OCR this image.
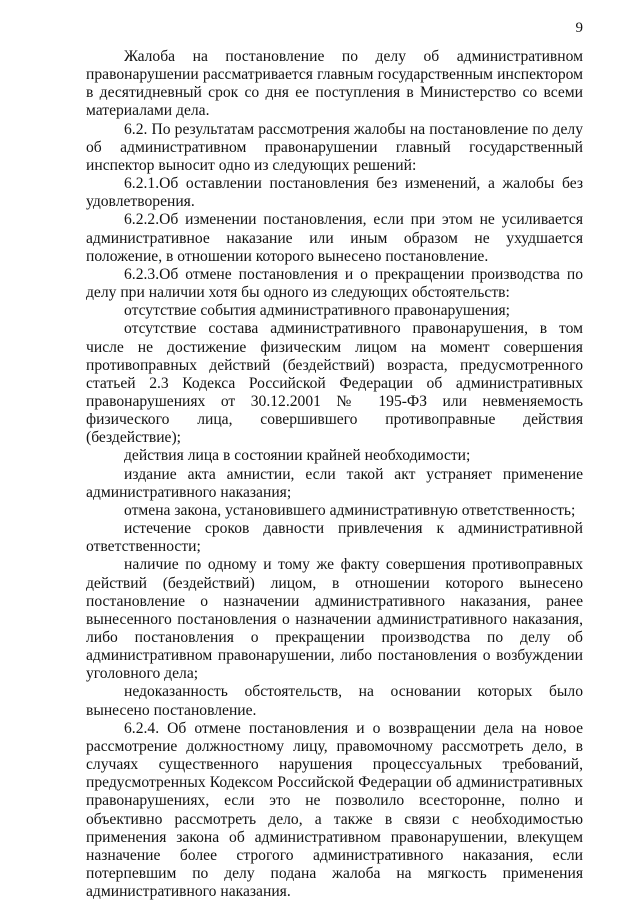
9

Жалоба на постановление по делу об административном правонарушении рассматривается главным государственным инспектором в десятидневный срок со дня ее поступления в Министерство со всеми материалами дела.

6.2. По результатам рассмотрения жалобы на постановление по делу об административном правонарушении главный государственный инспектор выносит одно из следующих решений:

6.2.1.Об оставлении постановления без изменений, а жалобы без удовлетворения.

6.2.2.Об изменении постановления, если при этом не усиливается административное наказание или иным образом не ухудшается положение, в отношении которого вынесено постановление.

6.2.3.Об отмене постановления и о прекращении производства по делу при наличии хотя бы одного из следующих обстоятельств:

отсутствие события административного правонарушения;

отсутствие состава административного правонарушения, в том числе не достижение физическим лицом на момент совершения противоправных действий (бездействий) возраста, предусмотренного статьей 2.3 Кодекса Российской Федерации об административных правонарушениях от 30.12.2001 № 195-ФЗ или невменяемость физического лица, совершившего противоправные действия (бездействие);

действия лица в состоянии крайней необходимости;

издание акта амнистии, если такой акт устраняет применение административного наказания;

отмена закона, установившего административную ответственность;

истечение сроков давности привлечения к административной ответственности;

наличие по одному и тому же факту совершения противоправных действий (бездействий) лицом, в отношении которого вынесено постановление о назначении административного наказания, ранее вынесенного постановления о назначении административного наказания, либо постановления о прекращении производства по делу об административном правонарушении, либо постановления о возбуждении уголовного дела;

недоказанность обстоятельств, на основании которых было вынесено постановление.

6.2.4. Об отмене постановления и о возвращении дела на новое рассмотрение должностному лицу, правомочному рассмотреть дело, в случаях существенного нарушения процессуальных требований, предусмотренных Кодексом Российской Федерации об административных правонарушениях, если это не позволило всесторонне, полно и объективно рассмотреть дело, а также в связи с необходимостью применения закона об административном правонарушении, влекущем назначение более строгого административного наказания, если потерпевшим по делу подана жалоба на мягкость применения административного наказания.
